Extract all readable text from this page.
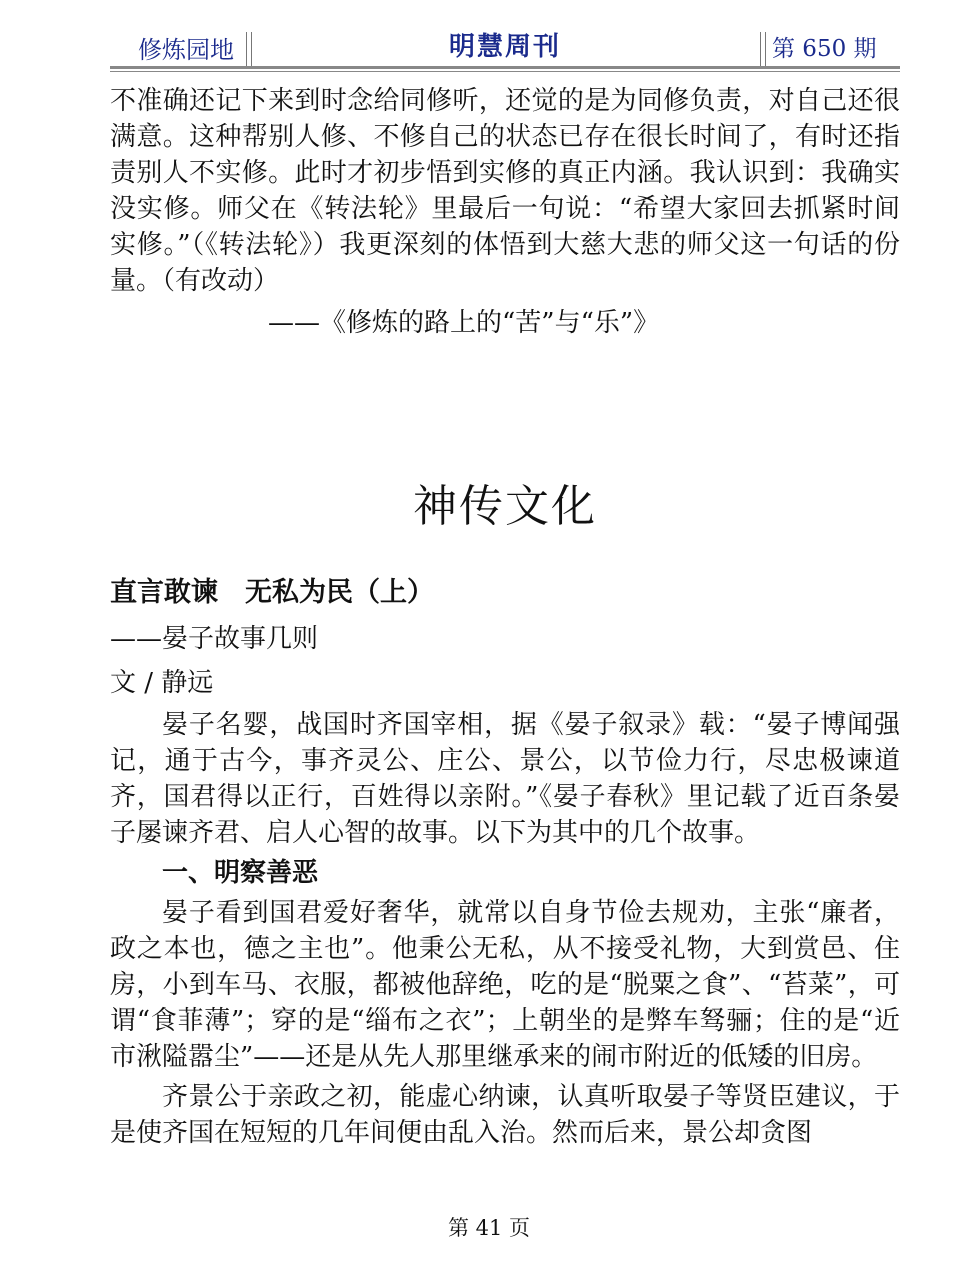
修炼园地	明慧周刊	第 650 期

不准确还记下来到时念给同修听，还觉的是为同修负责，对自己还很满意。这种帮别人修、不修自己的状态已存在很长时间了，有时还指责别人不实修。此时才初步悟到实修的真正内涵。我认识到：我确实没实修。师父在《转法轮》里最后一句说：“希望大家回去抓紧时间实修。”（《转法轮》）我更深刻的体悟到大慈大悲的师父这一句话的份量。（有改动）

——《修炼的路上的“苦”与“乐”》

神传文化
直言敢谏　无私为民（上）
——晏子故事几则
文 / 静远

晏子名婴，战国时齐国宰相，据《晏子叙录》载：“晏子博闻强记，通于古今，事齐灵公、庄公、景公，以节俭力行，尽忠极谏道齐，国君得以正行，百姓得以亲附。”《晏子春秋》里记载了近百条晏子屡谏齐君、启人心智的故事。以下为其中的几个故事。

一、明察善恶

晏子看到国君爱好奢华，就常以自身节俭去规劝，主张“廉者，政之本也，德之主也”。他秉公无私，从不接受礼物，大到赏邑、住房，小到车马、衣服，都被他辞绝，吃的是“脱粟之食”、“苔菜”，可谓“食菲薄”；穿的是“缁布之衣”；上朝坐的是弊车驽骊；住的是“近市湫隘嚣尘”——还是从先人那里继承来的闹市附近的低矮的旧房。

齐景公于亲政之初，能虚心纳谏，认真听取晏子等贤臣建议，于是使齐国在短短的几年间便由乱入治。然而后来，景公却贪图

第 41 页
